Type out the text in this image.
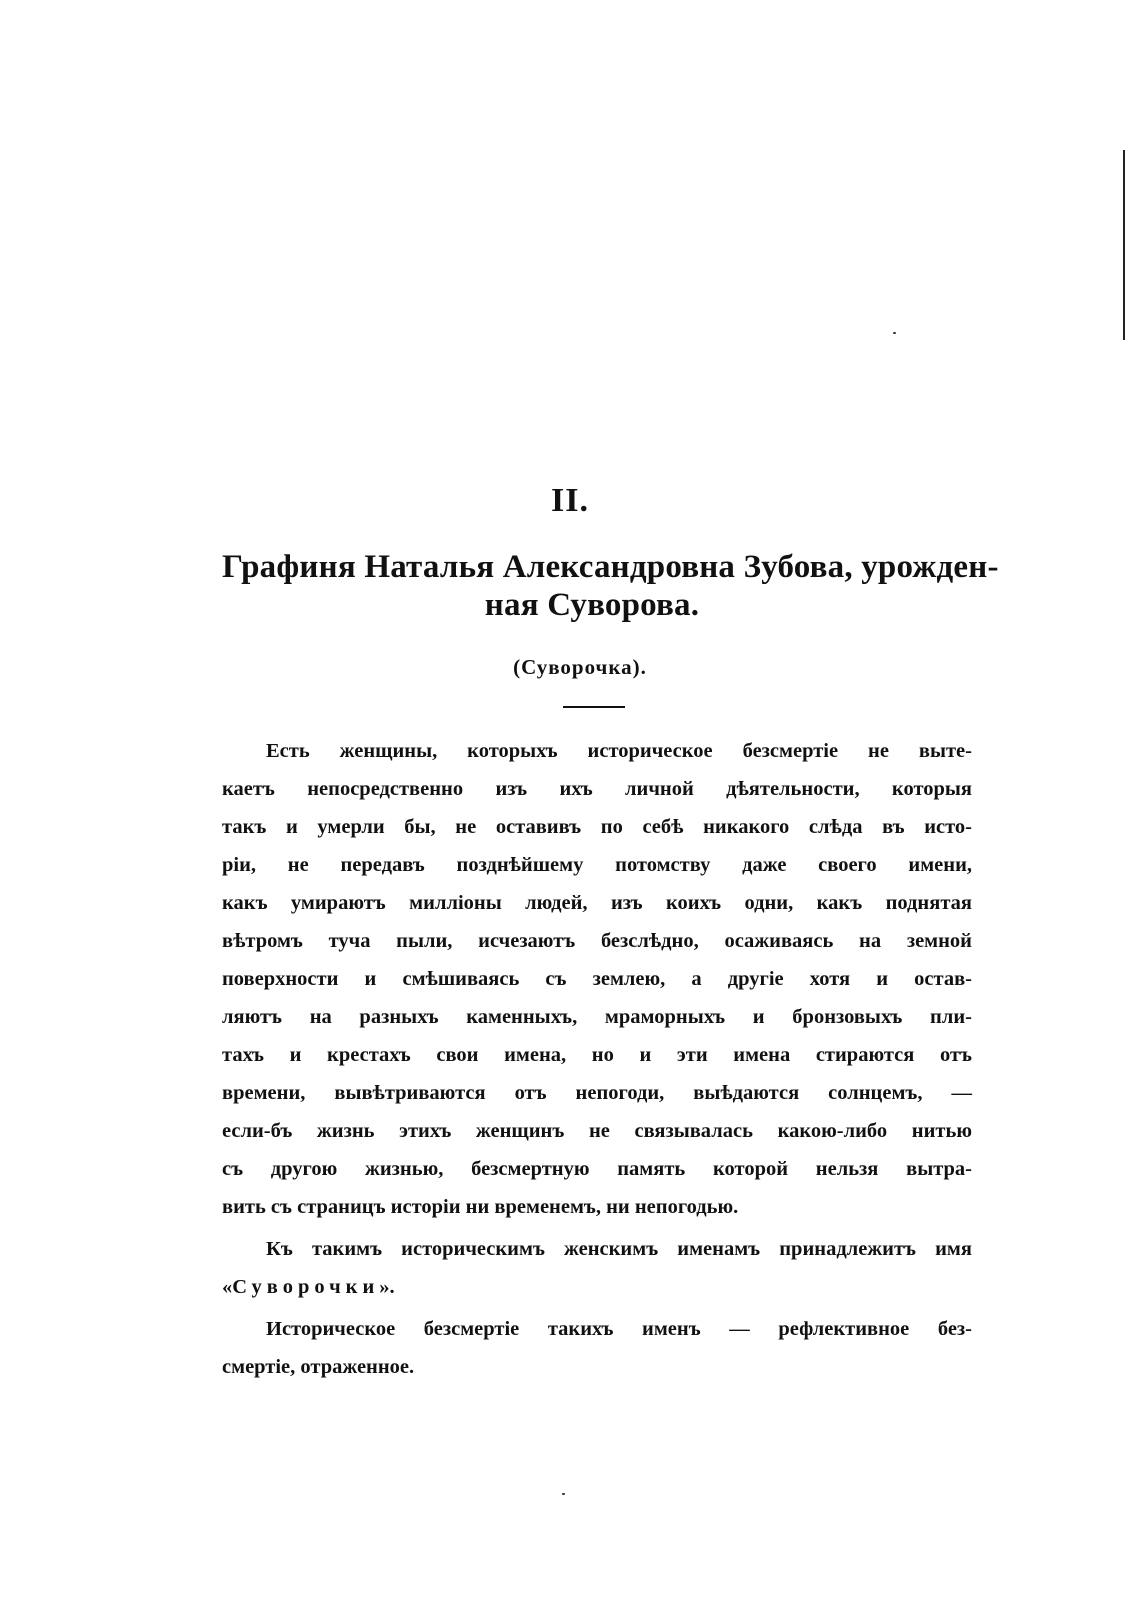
II.
Графиня Наталья Александровна Зубова, урожден-
ная Суворова.
(Суворочка).
Есть женщины, которыхъ историческое безсмертіе не выте-
каетъ непосредственно изъ ихъ личной дѣятельности, которыя
такъ и умерли бы, не оставивъ по себѣ никакого слѣда въ исто-
ріи, не передавъ позднѣйшему потомству даже своего имени,
какъ умираютъ милліоны людей, изъ коихъ одни, какъ поднятая
вѣтромъ туча пыли, исчезаютъ безслѣдно, осаживаясь на земной
поверхности и смѣшиваясь съ землею, а другіе хотя и остав-
ляютъ на разныхъ каменныхъ, мраморныхъ и бронзовыхъ пли-
тахъ и крестахъ свои имена, но и эти имена стираются отъ
времени, вывѣтриваются отъ непогоди, выѣдаются солнцемъ, —
если-бъ жизнь этихъ женщинъ не связывалась какою-либо нитью
съ другою жизнью, безсмертную память которой нельзя вытра-
вить съ страницъ исторіи ни временемъ, ни непогодью.
Къ такимъ историческимъ женскимъ именамъ принадлежитъ имя
«Суворочки».
Историческое безсмертіе такихъ именъ — рефлективное без-
смертіе, отраженное.
